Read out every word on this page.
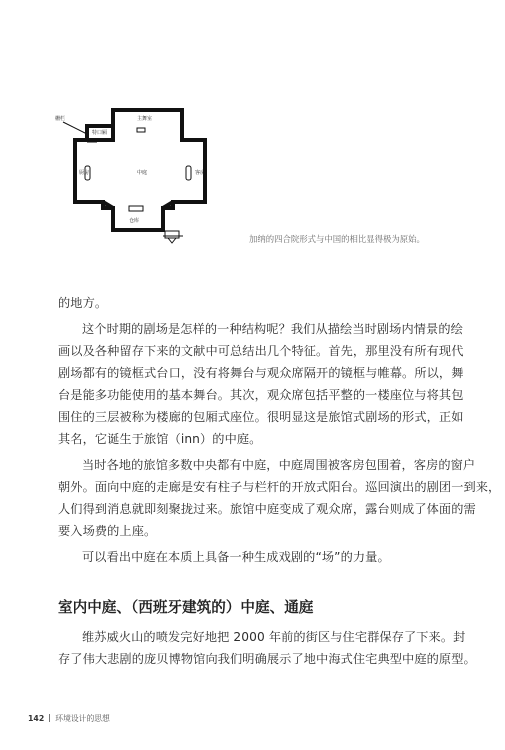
栅栏
特口厢
主舞室
厨房	中庭	客房
仓库
加纳的四合院形式与中国的相比显得极为原始。
的地方。
这个时期的剧场是怎样的一种结构呢？我们从描绘当时剧场内情景的绘
画以及各种留存下来的文献中可总结出几个特征。首先，那里没有所有现代
剧场都有的镜框式台口，没有将舞台与观众席隔开的镜框与帷幕。所以，舞
台是能多功能使用的基本舞台。其次，观众席包括平整的一楼座位与将其包
围住的三层被称为楼廊的包厢式座位。很明显这是旅馆式剧场的形式，正如
其名，它诞生于旅馆（inn）的中庭。
当时各地的旅馆多数中央都有中庭，中庭周围被客房包围着，客房的窗户
朝外。面向中庭的走廊是安有柱子与栏杆的开放式阳台。巡回演出的剧团一到来，
人们得到消息就即刻聚拢过来。旅馆中庭变成了观众席，露台则成了体面的需
要入场费的上座。
可以看出中庭在本质上具备一种生成戏剧的“场”的力量。
室内中庭、（西班牙建筑的）中庭、通庭
维苏威火山的喷发完好地把 2000 年前的街区与住宅群保存了下来。封
存了伟大悲剧的庞贝博物馆向我们明确展示了地中海式住宅典型中庭的原型。
142 环境设计的思想
